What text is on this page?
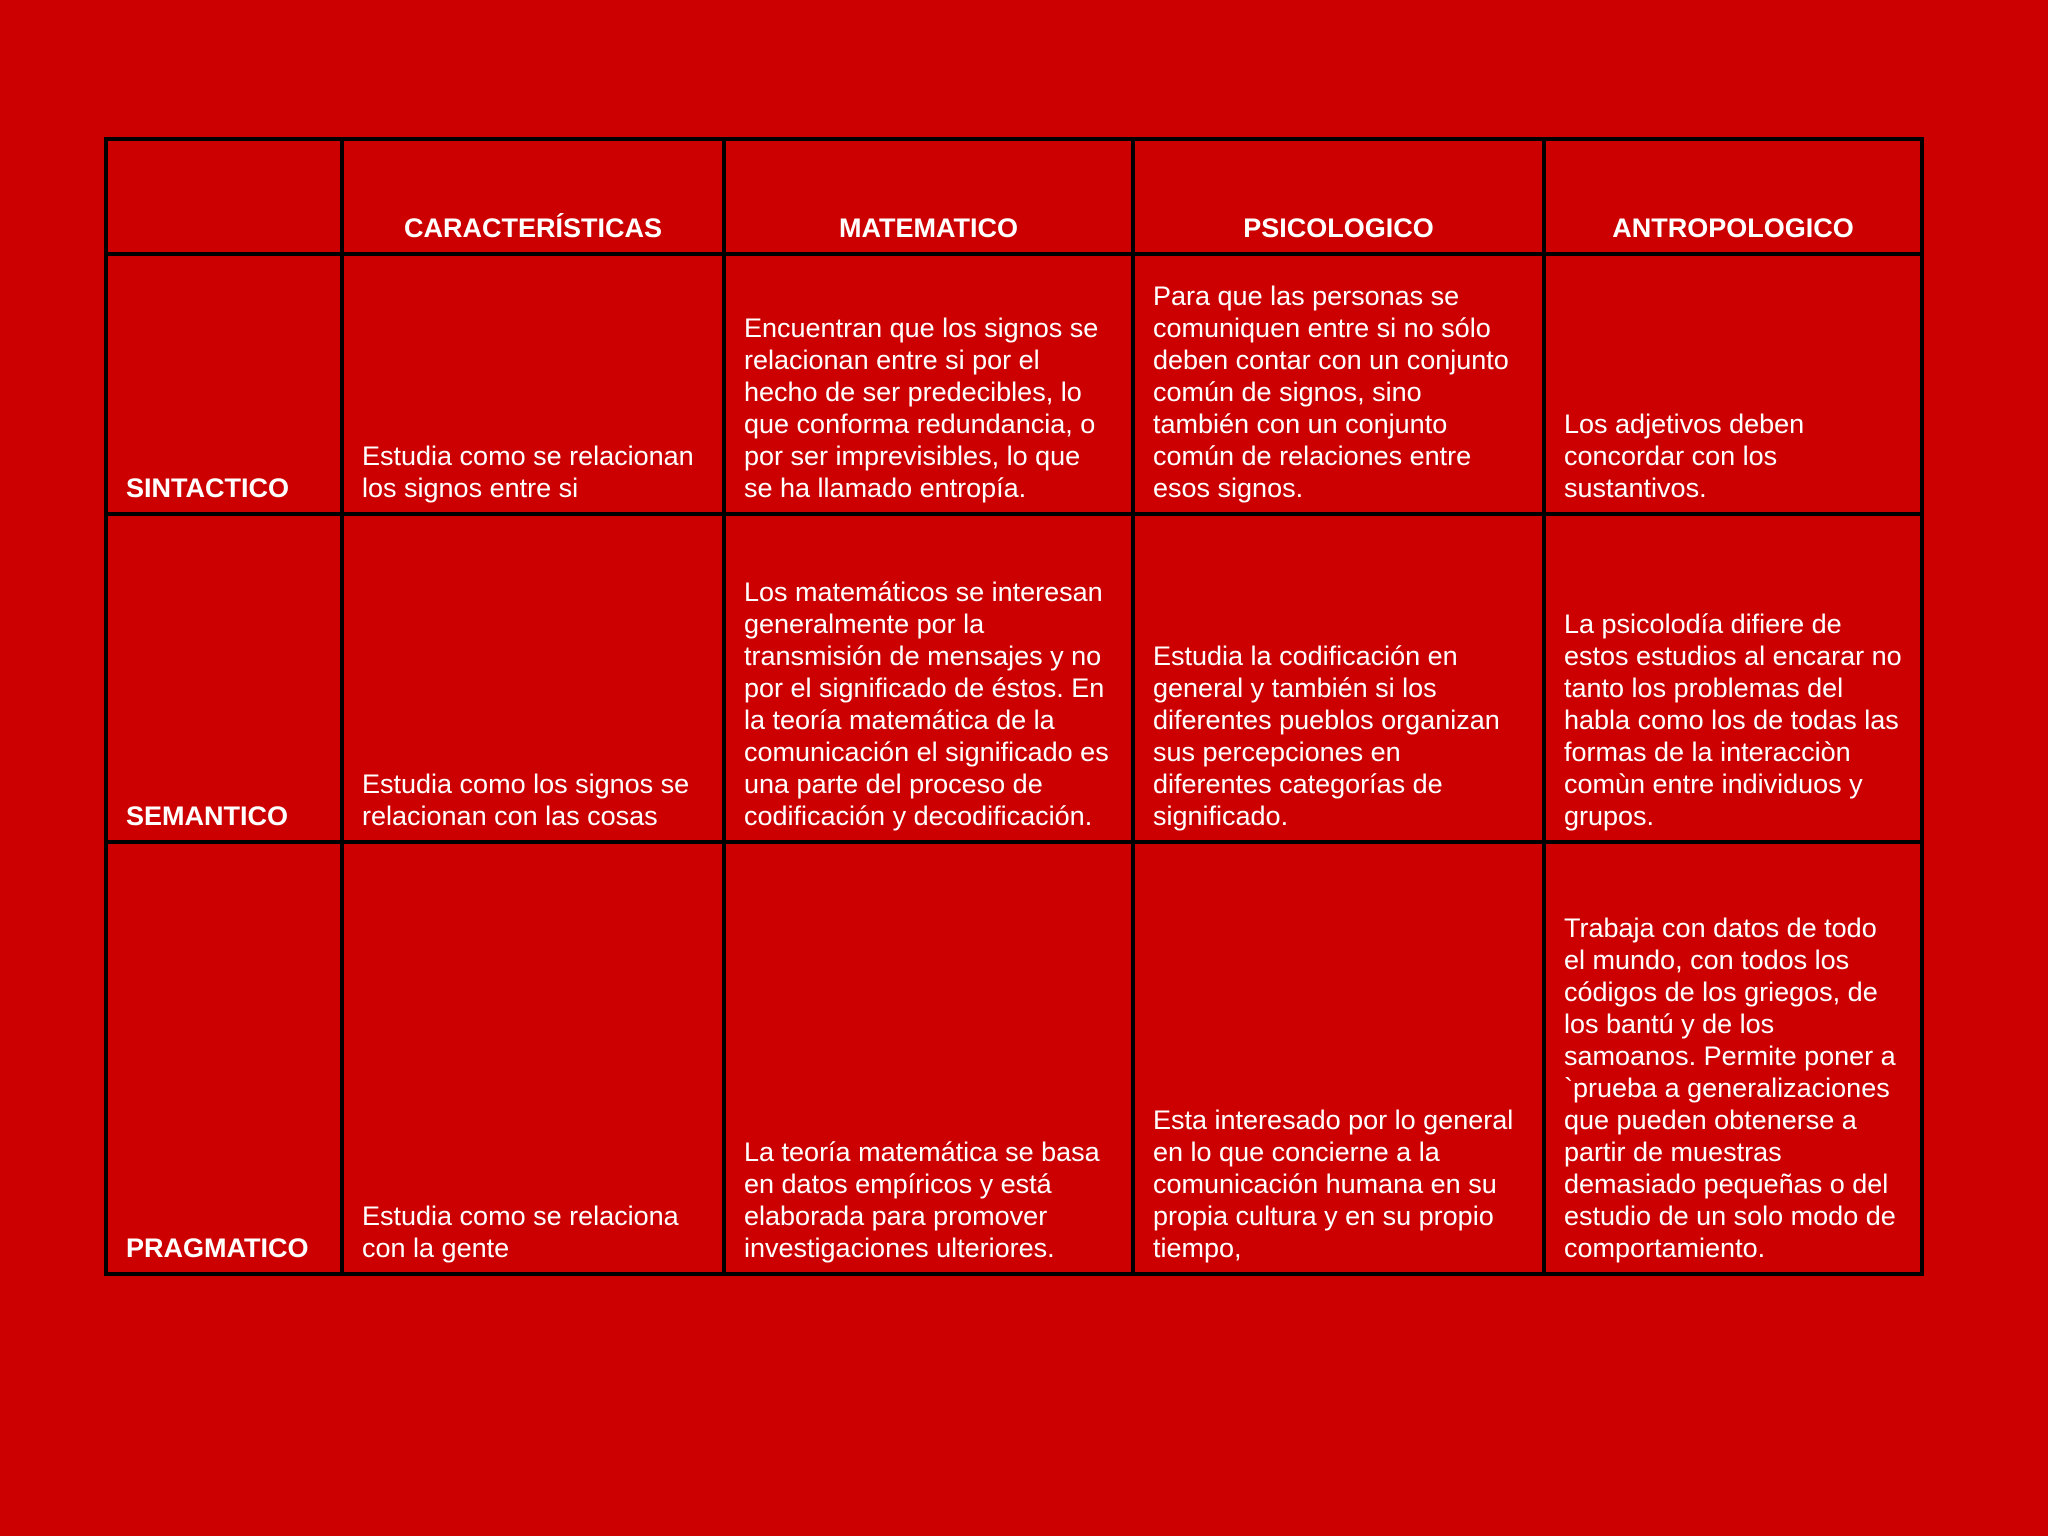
	CARACTERÍSTICAS	MATEMATICO	PSICOLOGICO	ANTROPOLOGICO
SINTACTICO	Estudia como se relacionan los signos entre si	Encuentran que los signos se relacionan entre si por el hecho de ser predecibles, lo que conforma redundancia, o por ser imprevisibles, lo que se ha llamado entropía.	Para que las personas se comuniquen entre si no sólo deben contar con un conjunto común de signos, sino también con un conjunto común de relaciones entre esos signos.	Los adjetivos deben concordar con los sustantivos.
SEMANTICO	Estudia como los signos se relacionan con las cosas	Los matemáticos se interesan generalmente por la transmisión de mensajes y no por el significado de éstos. En la teoría matemática de la comunicación el significado es una parte del proceso de codificación y decodificación.	Estudia la codificación en general y también si los diferentes pueblos organizan sus percepciones en diferentes categorías de significado.	La psicolodía difiere de estos estudios al encarar no tanto los problemas del habla como los de todas las formas de la interacciòn comùn entre individuos y grupos.
PRAGMATICO	Estudia como se relaciona con la gente	La teoría matemática se basa en datos empíricos y está elaborada para promover investigaciones ulteriores.	Esta interesado por lo general en lo que concierne a la comunicación humana en su propia cultura y en su propio tiempo,	Trabaja con datos de todo el mundo, con todos los códigos de los griegos, de los bantú y de los samoanos. Permite poner a `prueba a generalizaciones que pueden obtenerse a partir de muestras demasiado pequeñas o del estudio de un solo modo de comportamiento.
